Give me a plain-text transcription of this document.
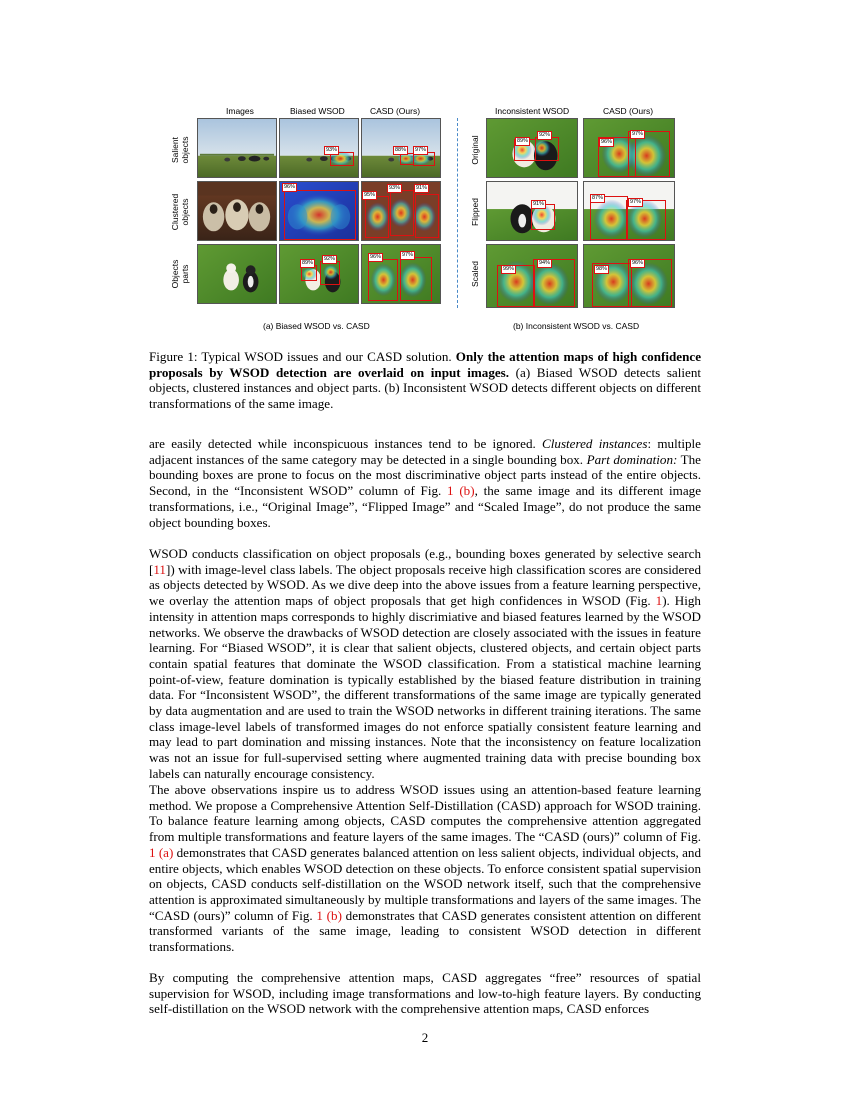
Images	Biased WSOD	CASD (Ours)	Inconsistent WSOD	CASD (Ours)
Salient
objects
Clustered
objects
Objects
parts
Original
Flipped
Scaled
93%	88%	97%
96%
95%
93%	91%
89%
92%	96%	97%
(a) Biased WSOD vs. CASD
89%
92%
96%
97%
91%
87%
97%
99%
94%
98%
96%
(b) Inconsistent WSOD vs. CASD

Figure 1: Typical WSOD issues and our CASD solution. Only the attention maps of high confidence proposals by WSOD detection are overlaid on input images. (a) Biased WSOD detects salient objects, clustered instances and object parts. (b) Inconsistent WSOD detects different objects on different transformations of the same image.

are easily detected while inconspicuous instances tend to be ignored. Clustered instances: multiple adjacent instances of the same category may be detected in a single bounding box. Part domination: The bounding boxes are prone to focus on the most discriminative object parts instead of the entire objects. Second, in the “Inconsistent WSOD” column of Fig. 1 (b), the same image and its different image transformations, i.e., “Original Image”, “Flipped Image” and “Scaled Image”, do not produce the same object bounding boxes.

WSOD conducts classification on object proposals (e.g., bounding boxes generated by selective search [11]) with image-level class labels. The object proposals receive high classification scores are considered as objects detected by WSOD. As we dive deep into the above issues from a feature learning perspective, we overlay the attention maps of object proposals that get high confidences in WSOD (Fig. 1). High intensity in attention maps corresponds to highly discrimiative and biased features learned by the WSOD networks. We observe the drawbacks of WSOD detection are closely associated with the issues in feature learning. For “Biased WSOD”, it is clear that salient objects, clustered objects, and certain object parts contain spatial features that dominate the WSOD classification. From a statistical machine learning point-of-view, feature domination is typically established by the biased feature distribution in training data. For “Inconsistent WSOD”, the different transformations of the same image are typically generated by data augmentation and are used to train the WSOD networks in different training iterations. The same class image-level labels of transformed images do not enforce spatially consistent feature learning and may lead to part domination and missing instances. Note that the inconsistency on feature localization was not an issue for full-supervised setting where augmented training data with precise bounding box labels can naturally encourage consistency.

The above observations inspire us to address WSOD issues using an attention-based feature learning method. We propose a Comprehensive Attention Self-Distillation (CASD) approach for WSOD training. To balance feature learning among objects, CASD computes the comprehensive attention aggregated from multiple transformations and feature layers of the same images. The “CASD (ours)” column of Fig. 1 (a) demonstrates that CASD generates balanced attention on less salient objects, individual objects, and entire objects, which enables WSOD detection on these objects. To enforce consistent spatial supervision on objects, CASD conducts self-distillation on the WSOD network itself, such that the comprehensive attention is approximated simultaneously by multiple transformations and layers of the same images. The “CASD (ours)” column of Fig. 1 (b) demonstrates that CASD generates consistent attention on different transformed variants of the same image, leading to consistent WSOD detection in different transformations.

By computing the comprehensive attention maps, CASD aggregates “free” resources of spatial supervision for WSOD, including image transformations and low-to-high feature layers. By conducting self-distillation on the WSOD network with the comprehensive attention maps, CASD enforces

2
